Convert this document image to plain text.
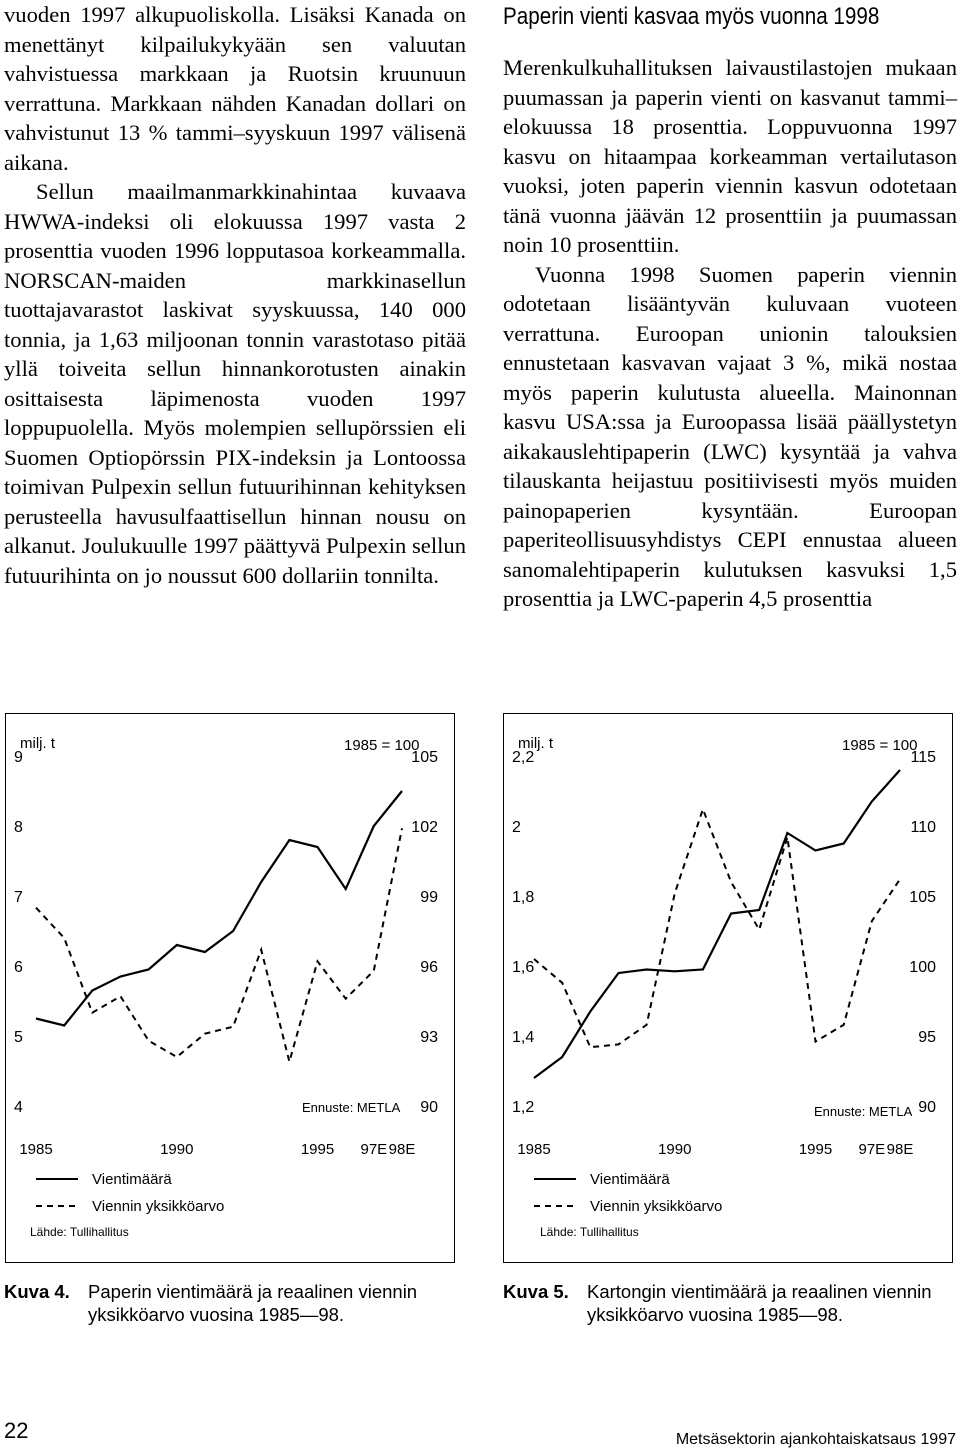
vuoden 1997 alkupuoliskolla. Lisäksi Kanada on menettänyt kilpailukykyään sen valuutan vahvistuessa markkaan ja Ruotsin kruunuun verrattuna. Markkaan nähden Kanadan dollari on vahvistunut 13 % tammi–syyskuun 1997 välisenä aikana.

Sellun maailmanmarkkinahintaa kuvaava HWWA-indeksi oli elokuussa 1997 vasta 2 prosenttia vuoden 1996 lopputasoa korkeammalla. NORSCAN-maiden markkinasellun tuottajavarastot laskivat syyskuussa, 140 000 tonnia, ja 1,63 miljoonan tonnin varastotaso pitää yllä toiveita sellun hinnankorotusten ainakin osittaisesta läpimenosta vuoden 1997 loppupuolella. Myös molempien sellupörssien eli Suomen Optiopörssin PIX-indeksin ja Lontoossa toimivan Pulpexin sellun futuurihinnan kehityksen perusteella havusulfaattisellun hinnan nousu on alkanut. Joulukuulle 1997 päättyvä Pulpexin sellun futuurihinta on jo noussut 600 dollariin tonnilta.

Paperin vienti kasvaa myös vuonna 1998

Merenkulkuhallituksen laivaustilastojen mukaan puumassan ja paperin vienti on kasvanut tammi–elokuussa 18 prosenttia. Loppuvuonna 1997 kasvu on hitaampaa korkeamman vertailutason vuoksi, joten paperin viennin kasvun odotetaan tänä vuonna jäävän 12 prosenttiin ja puumassan noin 10 prosenttiin.

Vuonna 1998 Suomen paperin viennin odotetaan lisääntyvän kuluvaan vuoteen verrattuna. Euroopan unionin talouksien ennustetaan kasvavan vajaat 3 %, mikä nostaa myös paperin kulutusta alueella. Mainonnan kasvu USA:ssa ja Euroopassa lisää päällystetyn aikakauslehtipaperin (LWC) kysyntää ja vahva tilauskanta heijastuu positiivisesti myös muiden painopaperien kysyntään. Euroopan paperiteollisuusyhdistys CEPI ennustaa alueen sanomalehtipaperin kulutuksen kasvuksi 1,5 prosenttia ja LWC-paperin 4,5 prosenttia

milj. t	1985 = 100
4
5
6
7
8
9
90
93
96
99
102
105
Ennuste: METLA
1985	1990	1995 97E 98E
Vientimäärä
Viennin yksikköarvo
Lähde: Tullihallitus
milj. t	1985 = 100
1,2
1,4
1,6
1,8
2
2,2
90
95
100
105
110
115
Ennuste: METLA
1985	1990	1995 97E 98E
Vientimäärä
Viennin yksikköarvo
Lähde: Tullihallitus
Kuva 4. Paperin vientimäärä ja reaalinen viennin
yksikköarvo vuosina 1985—98.
Kuva 5. Kartongin vientimäärä ja reaalinen viennin
yksikköarvo vuosina 1985—98.
22	Metsäsektorin ajankohtaiskatsaus 1997
